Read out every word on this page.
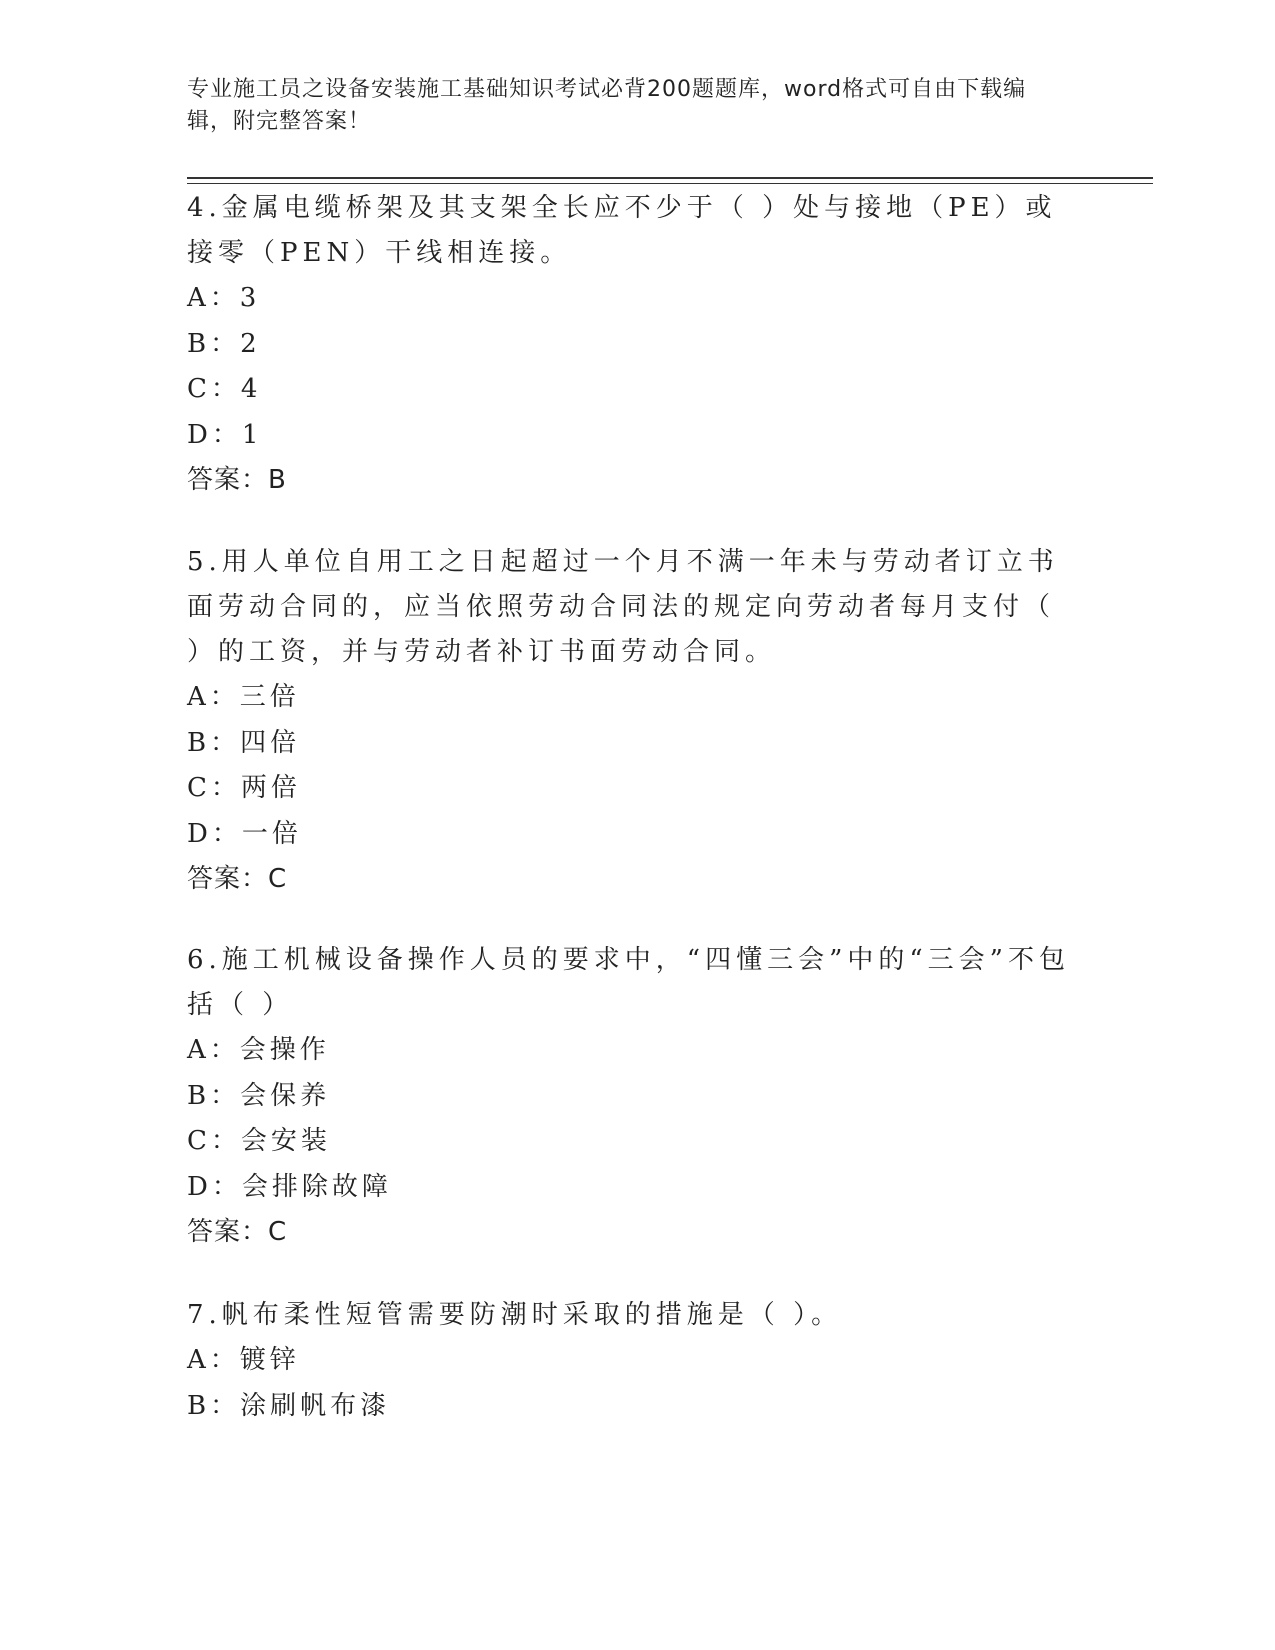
专业施工员之设备安装施工基础知识考试必背200题题库，word格式可自由下载编辑，附完整答案！

4.金属电缆桥架及其支架全长应不少于（ ）处与接地（PE）或接零（PEN）干线相连接。

A：3

B：2

C：4

D：1

答案：B

5.用人单位自用工之日起超过一个月不满一年未与劳动者订立书面劳动合同的，应当依照劳动合同法的规定向劳动者每月支付（ ）的工资，并与劳动者补订书面劳动合同。

A：三倍

B：四倍

C：两倍

D：一倍

答案：C

6.施工机械设备操作人员的要求中，“四懂三会”中的“三会”不包括（ ）

A：会操作

B：会保养

C：会安装

D：会排除故障

答案：C

7.帆布柔性短管需要防潮时采取的措施是（ ）。

A：镀锌

B：涂刷帆布漆
